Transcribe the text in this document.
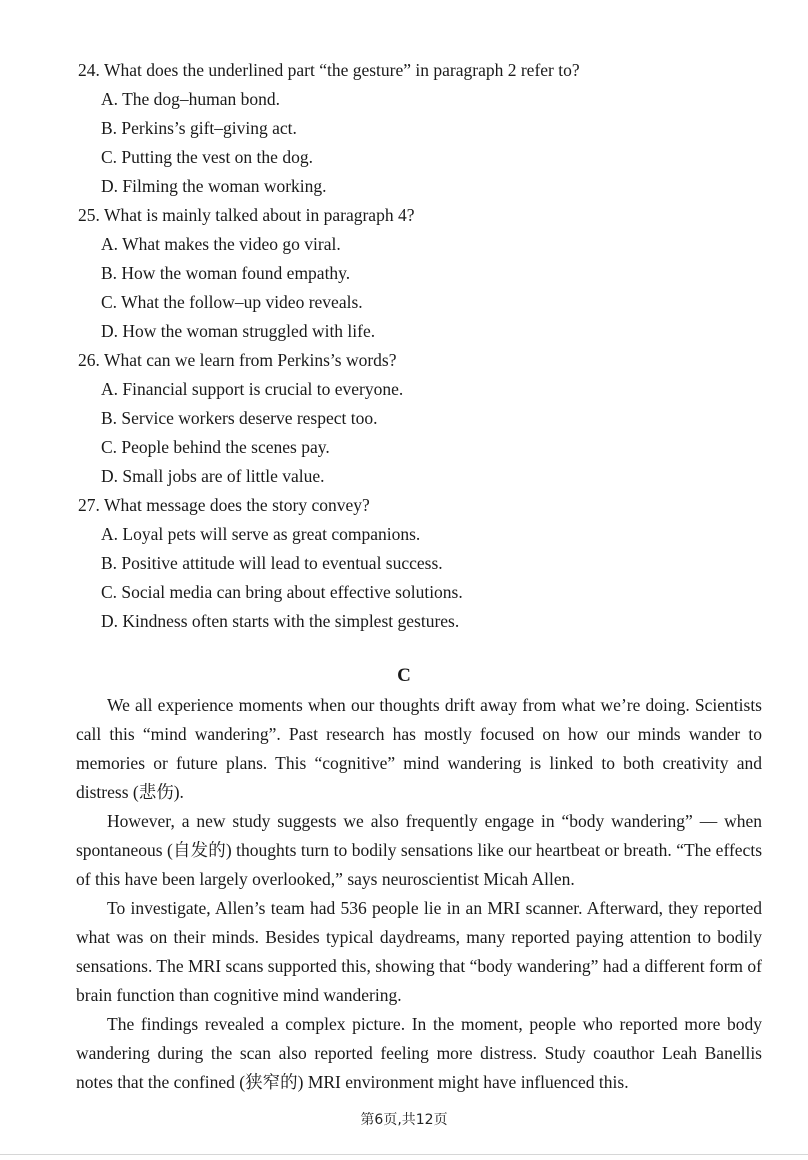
24. What does the underlined part “the gesture” in paragraph 2 refer to?
A. The dog–human bond.
B. Perkins’s gift–giving act.
C. Putting the vest on the dog.
D. Filming the woman working.
25. What is mainly talked about in paragraph 4?
A. What makes the video go viral.
B. How the woman found empathy.
C. What the follow–up video reveals.
D. How the woman struggled with life.
26. What can we learn from Perkins’s words?
A. Financial support is crucial to everyone.
B. Service workers deserve respect too.
C. People behind the scenes pay.
D. Small jobs are of little value.
27. What message does the story convey?
A. Loyal pets will serve as great companions.
B. Positive attitude will lead to eventual success.
C. Social media can bring about effective solutions.
D. Kindness often starts with the simplest gestures.
C

We all experience moments when our thoughts drift away from what we’re doing. Scientists call this “mind wandering”. Past research has mostly focused on how our minds wander to memories or future plans. This “cognitive” mind wandering is linked to both creativity and distress (悲伤).

However, a new study suggests we also frequently engage in “body wandering” — when spontaneous (自发的) thoughts turn to bodily sensations like our heartbeat or breath. “The effects of this have been largely overlooked,” says neuroscientist Micah Allen.

To investigate, Allen’s team had 536 people lie in an MRI scanner. Afterward, they reported what was on their minds. Besides typical daydreams, many reported paying attention to bodily sensations. The MRI scans supported this, showing that “body wandering” had a different form of brain function than cognitive mind wandering.

The findings revealed a complex picture. In the moment, people who reported more body wandering during the scan also reported feeling more distress. Study coauthor Leah Banellis notes that the confined (狭窄的) MRI environment might have influenced this.

第6页,共12页
